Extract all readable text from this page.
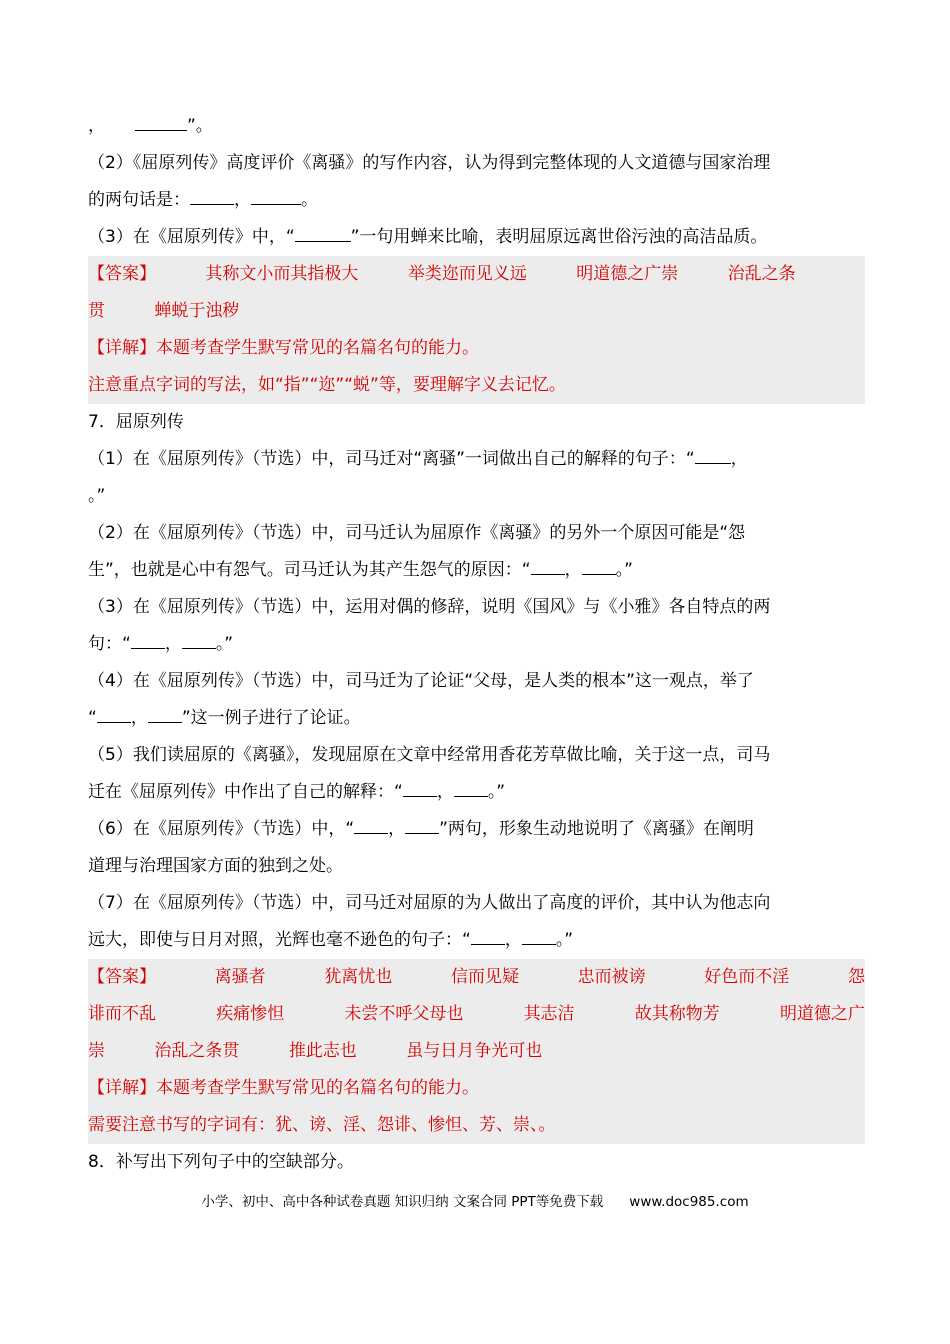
，	”。
（2）《屈原列传》高度评价《离骚》的写作内容，认为得到完整体现的人文道德与国家治理
的两句话是：	，	。
（3）在《屈原列传》中，“	”一句用蝉来比喻，表明屈原远离世俗污浊的高洁品质。
【答案】	其称文小而其指极大	举类迩而见义远	明道德之广崇	治乱之条
贯	蝉蜕于浊秽
【详解】本题考查学生默写常见的名篇名句的能力。
注意重点字词的写法，如“指”“迩”“蜕”等，要理解字义去记忆。
7．屈原列传
（1）在《屈原列传》（节选）中，司马迁对“离骚”一词做出自己的解释的句子：“ ，
。”
（2）在《屈原列传》（节选）中，司马迁认为屈原作《离骚》的另外一个原因可能是“怨
生”，也就是心中有怨气。司马迁认为其产生怨气的原因：“ ， 。”
（3）在《屈原列传》（节选）中，运用对偶的修辞，说明《国风》与《小雅》各自特点的两
句：“ ， 。”
（4）在《屈原列传》（节选）中，司马迁为了论证“父母，是人类的根本”这一观点，举了
“ ， ”这一例子进行了论证。
（5）我们读屈原的《离骚》，发现屈原在文章中经常用香花芳草做比喻，关于这一点，司马
迁在《屈原列传》中作出了自己的解释：“ ， 。”
（6）在《屈原列传》（节选）中，“ ， ”两句，形象生动地说明了《离骚》在阐明
道理与治理国家方面的独到之处。
（7）在《屈原列传》（节选）中，司马迁对屈原的为人做出了高度的评价，其中认为他志向
远大，即使与日月对照，光辉也毫不逊色的句子：“ ， 。”
【答案】	离骚者	犹离忧也	信而见疑	忠而被谤	好色而不淫	怨
诽而不乱	疾痛惨怛	未尝不呼父母也	其志洁	故其称物芳	明道德之广
崇	治乱之条贯	推此志也	虽与日月争光可也
【详解】本题考查学生默写常见的名篇名句的能力。
需要注意书写的字词有：犹、谤、淫、怨诽、惨怛、芳、崇、。
8．补写出下列句子中的空缺部分。
小学、初中、高中各种试卷真题 知识归纳 文案合同 PPT等免费下载 www.doc985.com
